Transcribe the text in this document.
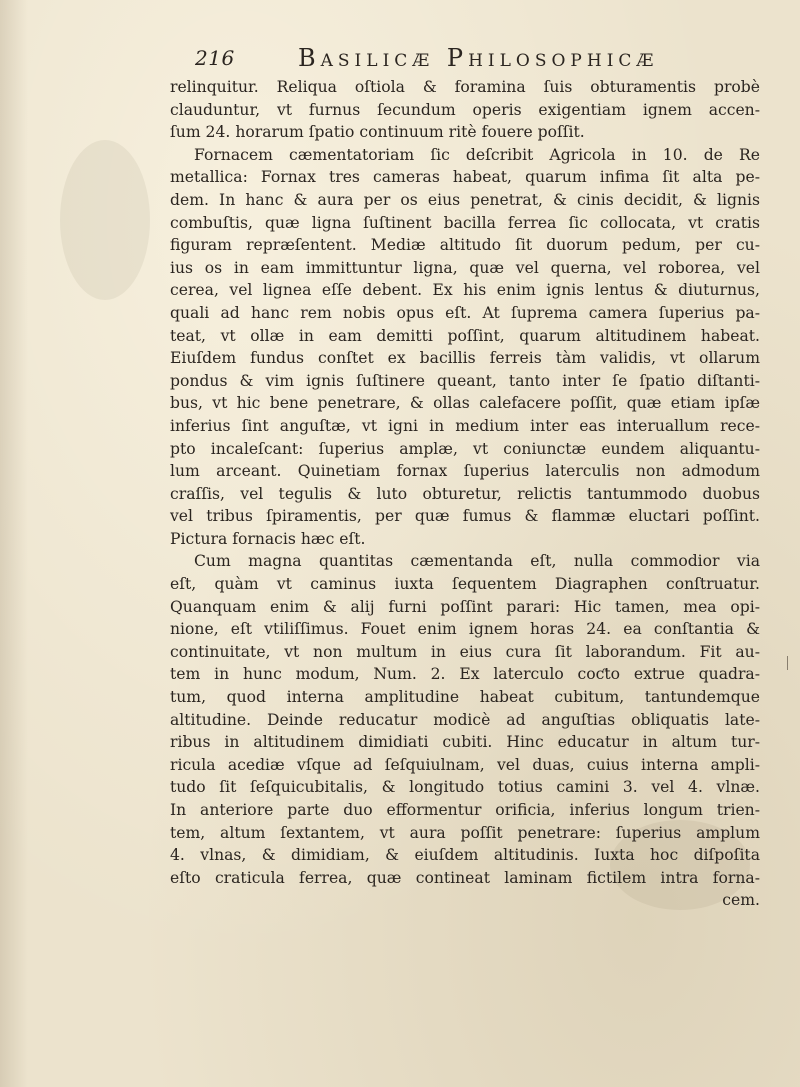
216	Basilicæ Philosophicæ
relinquitur. Reliqua oſtiola & foramina ſuis obturamentis probè
clauduntur, vt furnus ſecundum operis exigentiam ignem accen-
ſum 24. horarum ſpatio continuum ritè fouere poſſit.
Fornacem cæmentatoriam ſic deſcribit Agricola in 10. de Re
metallica: Fornax tres cameras habeat, quarum infima ſit alta pe-
dem. In hanc & aura per os eius penetrat, & cinis decidit, & lignis
combuſtis, quæ ligna ſuſtinent bacilla ferrea ſic collocata, vt cratis
figuram repræſentent. Mediæ altitudo ſit duorum pedum, per cu-
ius os in eam immittuntur ligna, quæ vel quernа, vel roborea, vel
cerea, vel lignea eſſe debent. Ex his enim ignis lentus & diuturnus,
quali ad hanc rem nobis opus eſt. At ſuprema camera ſuperius pa-
teat, vt ollæ in eam demitti poſſint, quarum altitudinem habeat.
Eiuſdem fundus conſtet ex bacillis ferreis tàm validis, vt ollarum
pondus & vim ignis ſuſtinere queant, tanto inter ſe ſpatio diſtanti-
bus, vt hic bene penetrare, & ollas calefacere poſſit, quæ etiam ipſæ
inferius ſint anguſtæ, vt igni in medium inter eas interuallum rece-
pto incaleſcant: ſuperius amplæ, vt coniunctæ eundem aliquantu-
lum arceant. Quinetiam fornax ſuperius laterculis non admodum
craſſis, vel tegulis & luto obturetur, relictis tantummodo duobus
vel tribus ſpiramentis, per quæ fumus & flammæ eluctari poſſint.
Pictura fornacis hæc eſt.
Cum magna quantitas cæmentanda eſt, nulla commodior via
eſt, quàm vt caminus iuxta ſequentem Diagraphen conſtruatur.
Quanquam enim & alij furni poſſint parari: Hic tamen, mea opi-
nione, eſt vtiliſſimus. Fouet enim ignem horas 24. ea conſtantia &
continuitate, vt non multum in eius cura ſit laborandum. Fit au-
tem in hunc modum, Num. 2. Ex laterculo coƈto extrue quadra-
tum, quod interna amplitudine habeat cubitum, tantundemque
altitudine. Deinde reducatur modicè ad anguſtias obliquatis late-
ribus in altitudinem dimidiati cubiti. Hinc educatur in altum tur-
ricula acediæ vſque ad ſeſquiulnam, vel duas, cuius interna ampli-
tudo ſit ſeſquicubitalis, & longitudo totius camini 3. vel 4. vlnæ.
In anteriore parte duo efformentur orificia, inferius longum trien-
tem, altum ſextantem, vt aura poſſit penetrare: ſuperius amplum
4. vlnas, & dimidiam, & eiuſdem altitudinis. Iuxta hoc diſpoſita
eſto craticula ferrea, quæ contineat laminam fictilem intra forna-
cem.
